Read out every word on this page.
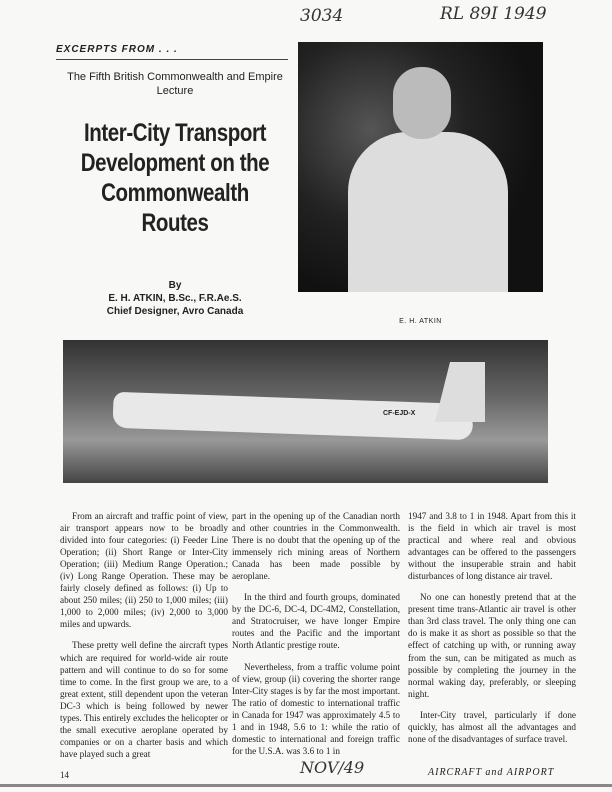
3034	RL 89I 1949
EXCERPTS FROM . . .
The Fifth British Commonwealth and Empire Lecture
Inter-City Transport Development on the Commonwealth Routes
By
E. H. ATKIN, B.Sc., F.R.Ae.S.
Chief Designer, Avro Canada
E. H. ATKIN
CF-EJD-X

From an aircraft and traffic point of view, air transport appears now to be broadly divided into four categories: (i) Feeder Line Operation; (ii) Short Range or Inter-City Operation; (iii) Medium Range Operation.; (iv) Long Range Operation. These may be fairly closely defined as follows: (i) Up to about 250 miles; (ii) 250 to 1,000 miles; (iii) 1,000 to 2,000 miles; (iv) 2,000 to 3,000 miles and upwards.

These pretty well define the aircraft types which are required for world-wide air route pattern and will continue to do so for some time to come. In the first group we are, to a great extent, still dependent upon the veteran DC-3 which is being followed by newer types. This entirely excludes the helicopter or the small executive aeroplane operated by companies or on a charter basis and which have played such a great

part in the opening up of the Canadian north and other countries in the Commonwealth. There is no doubt that the opening up of the immensely rich mining areas of Northern Canada has been made possible by aeroplane.

In the third and fourth groups, dominated by the DC-6, DC-4, DC-4M2, Constellation, and Stratocruiser, we have longer Empire routes and the Pacific and the important North Atlantic prestige route.

Nevertheless, from a traffic volume point of view, group (ii) covering the shorter range Inter-City stages is by far the most important. The ratio of domestic to international traffic in Canada for 1947 was approximately 4.5 to 1 and in 1948, 5.6 to 1: while the ratio of domestic to international and foreign traffic for the U.S.A. was 3.6 to 1 in

1947 and 3.8 to 1 in 1948. Apart from this it is the field in which air travel is most practical and where real and obvious advantages can be offered to the passengers without the insuperable strain and habit disturbances of long distance air travel.

No one can honestly pretend that at the present time trans-Atlantic air travel is other than 3rd class travel. The only thing one can do is make it as short as possible so that the effect of catching up with, or running away from the sun, can be mitigated as much as possible by completing the journey in the normal waking day, preferably, or sleeping night.

Inter-City travel, particularly if done quickly, has almost all the advantages and none of the disadvantages of surface travel.

14	NOV/49	AIRCRAFT and AIRPORT
